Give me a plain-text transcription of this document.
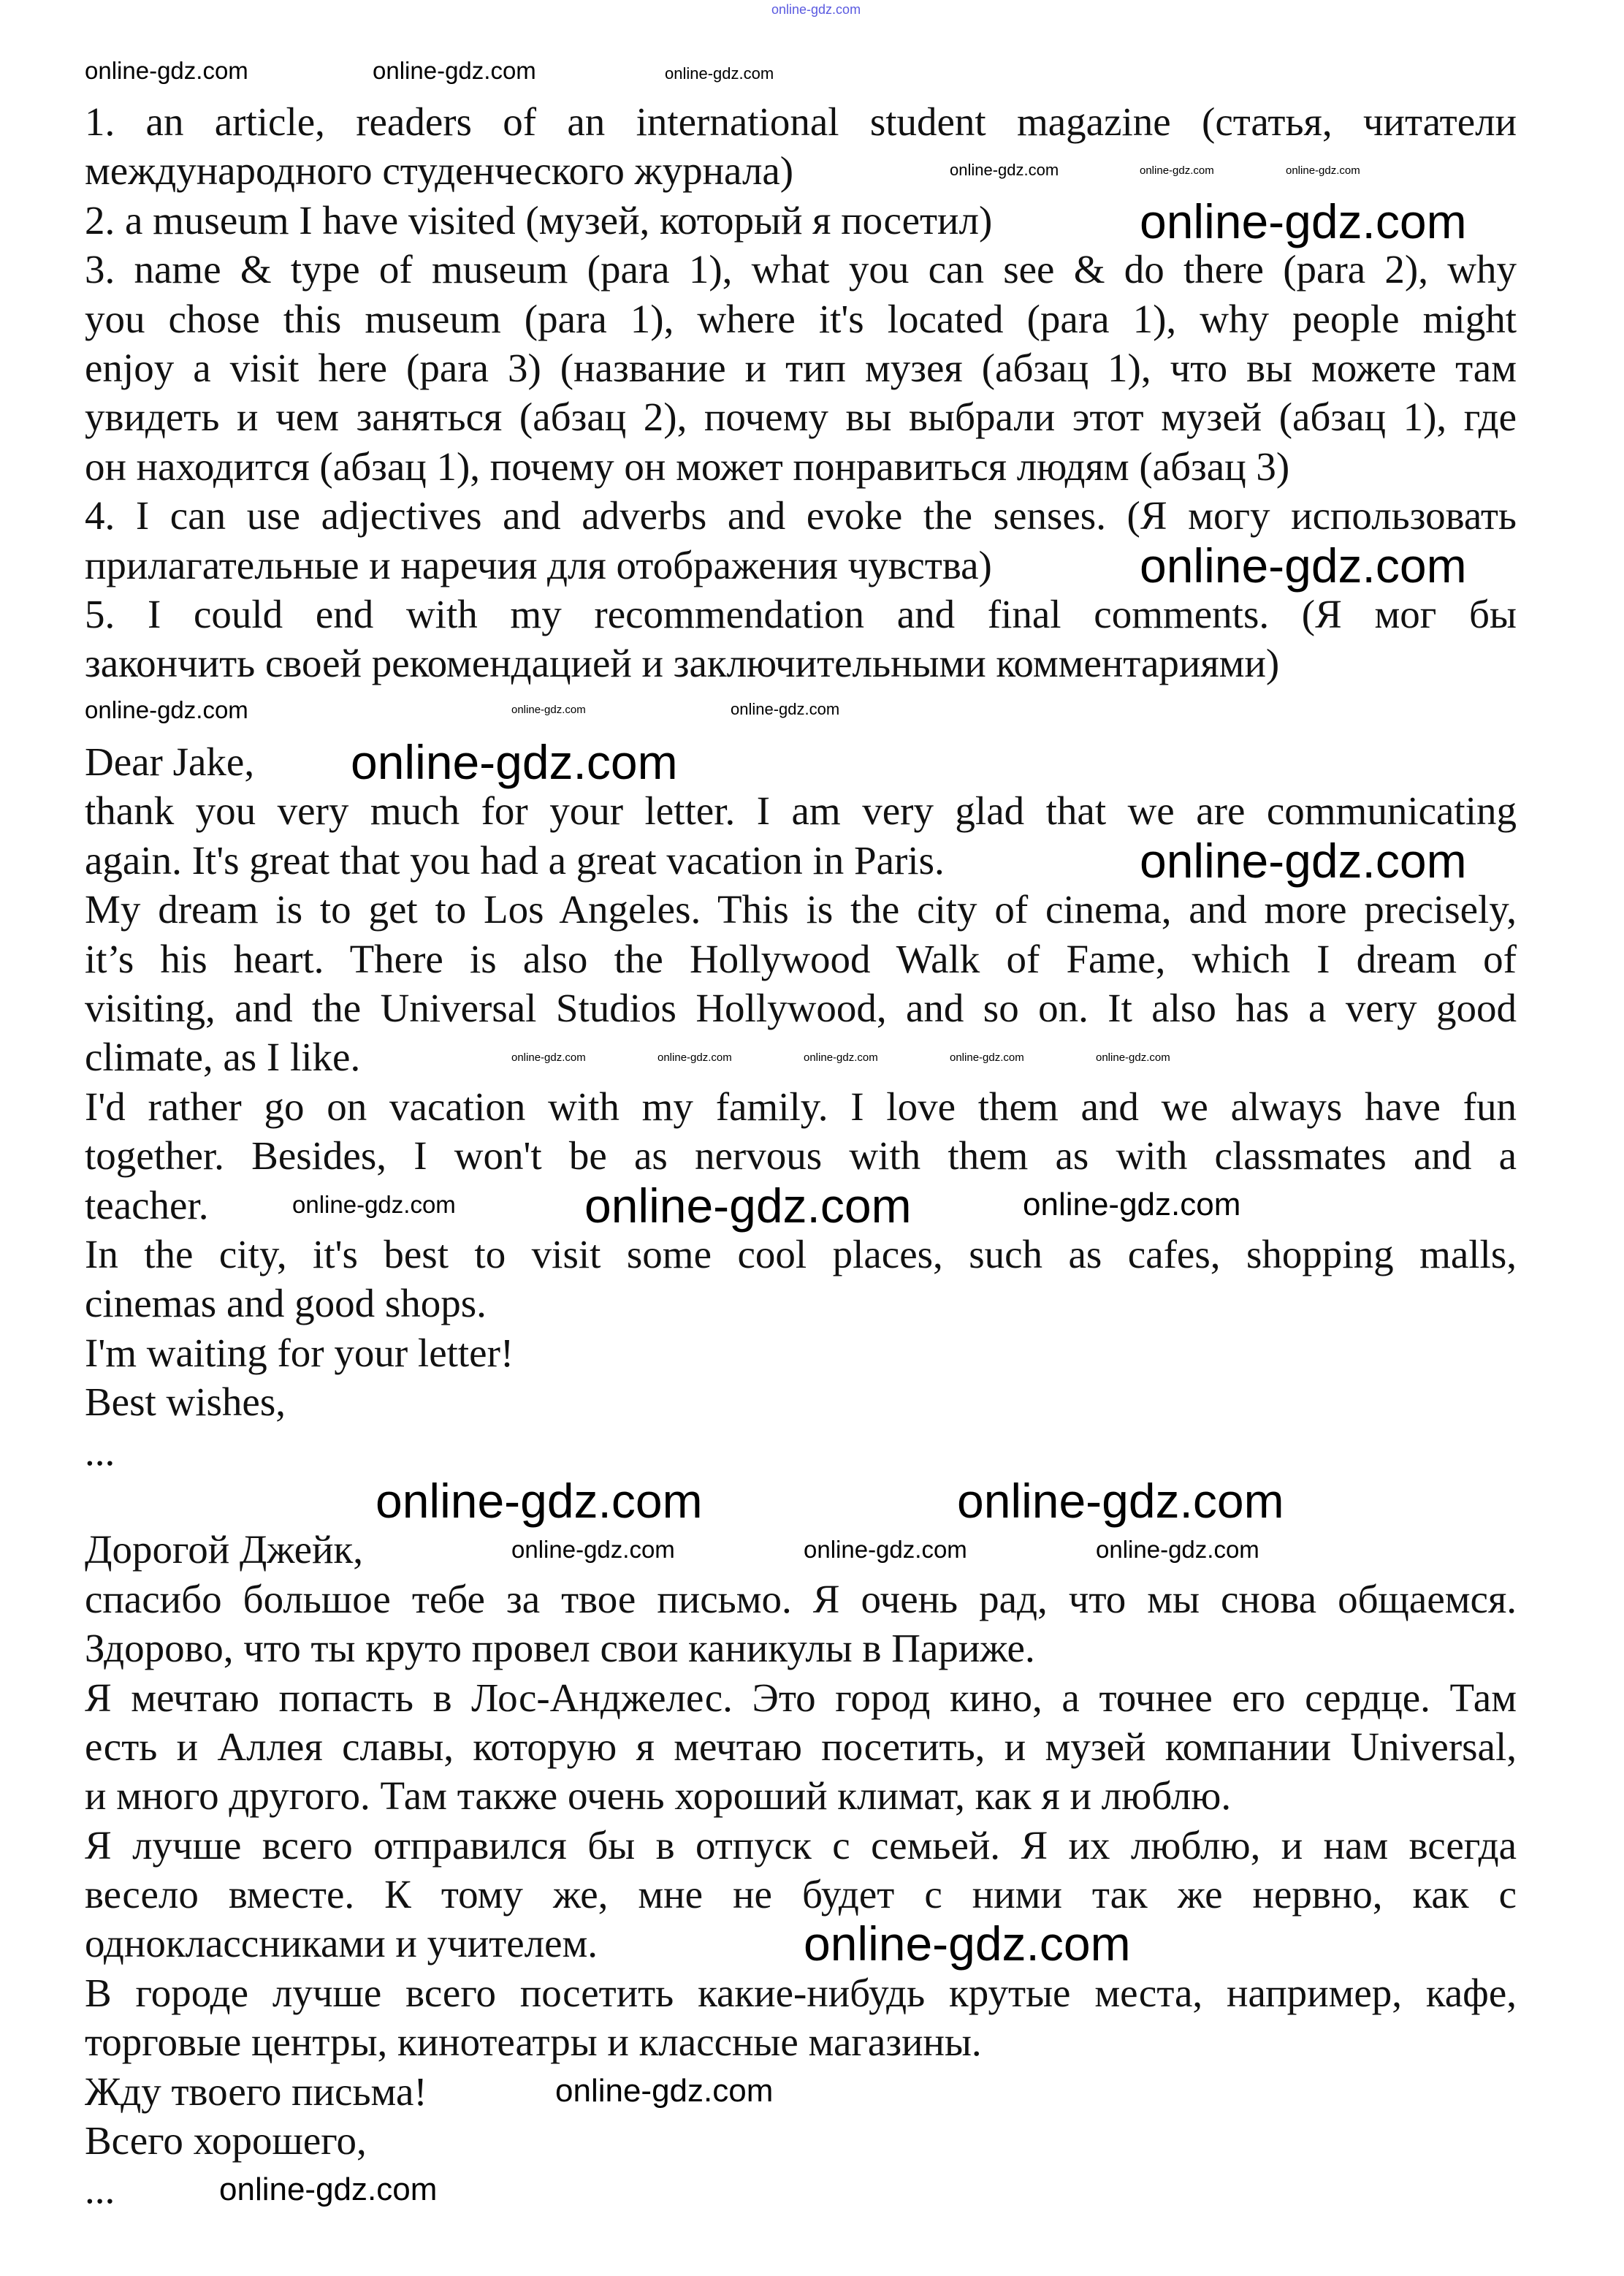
1. an article, readers of an international student magazine (статья, читатели
международного студенческого журнала)
2. a museum I have visited (музей, который я посетил)
3. name & type of museum (para 1), what you can see & do there (para 2), why
you chose this museum (para 1), where it's located (para 1), why people might
enjoy a visit here (para 3) (название и тип музея (абзац 1), что вы можете там
увидеть и чем заняться (абзац 2), почему вы выбрали этот музей (абзац 1), где
он находится (абзац 1), почему он может понравиться людям (абзац 3)
4. I can use adjectives and adverbs and evoke the senses. (Я могу использовать
прилагательные и наречия для отображения чувства)
5. I could end with my recommendation and final comments. (Я мог бы
закончить своей рекомендацией и заключительными комментариями)
Dear Jake,
thank you very much for your letter. I am very glad that we are communicating
again. It's great that you had a great vacation in Paris.
My dream is to get to Los Angeles. This is the city of cinema, and more precisely,
it’s his heart. There is also the Hollywood Walk of Fame, which I dream of
visiting, and the Universal Studios Hollywood, and so on. It also has a very good
climate, as I like.
I'd rather go on vacation with my family. I love them and we always have fun
together. Besides, I won't be as nervous with them as with classmates and a
teacher.
In the city, it's best to visit some cool places, such as cafes, shopping malls,
cinemas and good shops.
I'm waiting for your letter!
Best wishes,
...
Дорогой Джейк,
спасибо большое тебе за твое письмо. Я очень рад, что мы снова общаемся.
Здорово, что ты круто провел свои каникулы в Париже.
Я мечтаю попасть в Лос-Анджелес. Это город кино, а точнее его сердце. Там
есть и Аллея славы, которую я мечтаю посетить, и музей компании Universal,
и много другого. Там также очень хороший климат, как я и люблю.
Я лучше всего отправился бы в отпуск с семьей. Я их люблю, и нам всегда
весело вместе. К тому же, мне не будет с ними так же нервно, как с
одноклассниками и учителем.
В городе лучше всего посетить какие-нибудь крутые места, например, кафе,
торговые центры, кинотеатры и классные магазины.
Жду твоего письма!
Всего хорошего,
...
online-gdz.com
online-gdz.com	online-gdz.com	online-gdz.com
online-gdz.com
online-gdz.com	online-gdz.com	online-gdz.com
online-gdz.com	online-gdz.com	online-gdz.com
online-gdz.com
online-gdz.com
online-gdz.com
online-gdz.com	online-gdz.com	online-gdz.com	online-gdz.com	online-gdz.com
online-gdz.com	online-gdz.com	online-gdz.com
online-gdz.com	online-gdz.com
online-gdz.com	online-gdz.com	online-gdz.com
online-gdz.com
online-gdz.com
online-gdz.com
